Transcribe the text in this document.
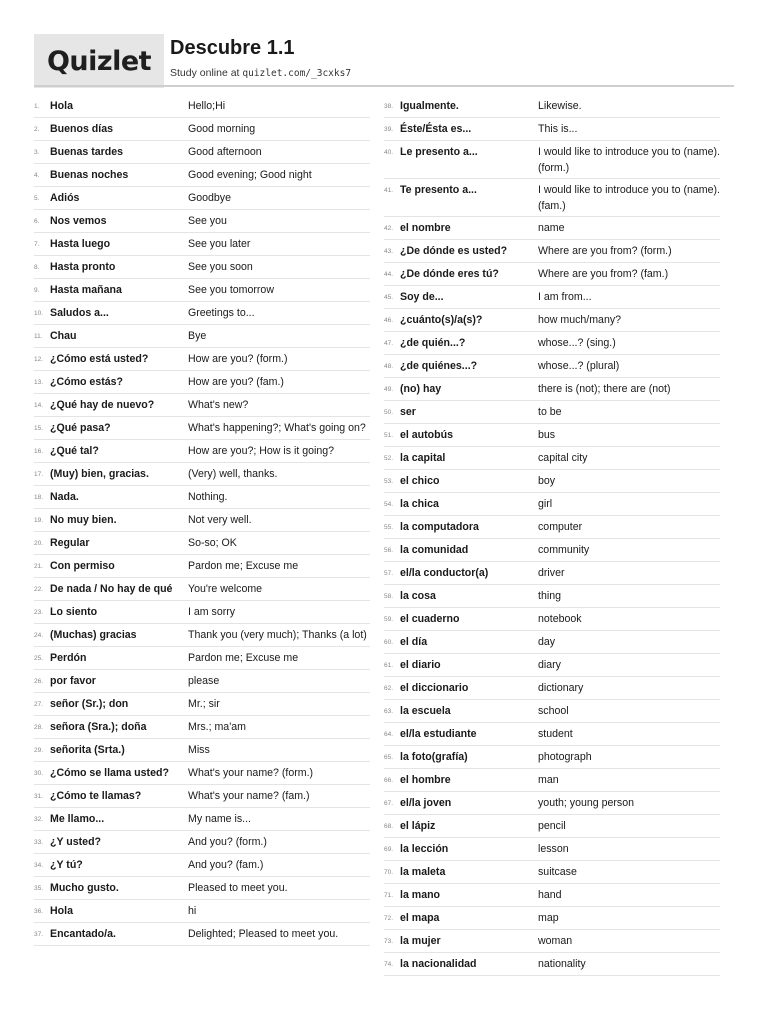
Quizlet Descubre 1.1
Study online at quizlet.com/_3cxks7
1. Hola	Hello;Hi
2. Buenos días	Good morning
3. Buenas tardes	Good afternoon
4. Buenas noches	Good evening; Good night
5. Adiós	Goodbye
6. Nos vemos	See you
7. Hasta luego	See you later
8. Hasta pronto	See you soon
9. Hasta mañana	See you tomorrow
10. Saludos a...	Greetings to...
11. Chau	Bye
12. ¿Cómo está usted?	How are you? (form.)
13. ¿Cómo estás?	How are you? (fam.)
14. ¿Qué hay de nuevo?	What's new?
15. ¿Qué pasa?	What's happening?; What's going on?
16. ¿Qué tal?	How are you?; How is it going?
17. (Muy) bien, gracias.	(Very) well, thanks.
18. Nada.	Nothing.
19. No muy bien.	Not very well.
20. Regular	So-so; OK
21. Con permiso	Pardon me; Excuse me
22. De nada / No hay de qué	You're welcome
23. Lo siento	I am sorry
24. (Muchas) gracias	Thank you (very much); Thanks (a lot)
25. Perdón	Pardon me; Excuse me
26. por favor	please
27. señor (Sr.); don	Mr.; sir
28. señora (Sra.); doña	Mrs.; ma'am
29. señorita (Srta.)	Miss
30. ¿Cómo se llama usted?	What's your name? (form.)
31. ¿Cómo te llamas?	What's your name? (fam.)
32. Me llamo...	My name is...
33. ¿Y usted?	And you? (form.)
34. ¿Y tú?	And you? (fam.)
35. Mucho gusto.	Pleased to meet you.
36. Hola	hi
37. Encantado/a.	Delighted; Pleased to meet you.
38. Igualmente.	Likewise.
39. Éste/Ésta es...	This is...
40. Le presento a...	I would like to introduce you to (name). (form.)
41. Te presento a...	I would like to introduce you to (name). (fam.)
42. el nombre	name
43. ¿De dónde es usted?	Where are you from? (form.)
44. ¿De dónde eres tú?	Where are you from? (fam.)
45. Soy de...	I am from...
46. ¿cuánto(s)/a(s)?	how much/many?
47. ¿de quién...?	whose...? (sing.)
48. ¿de quiénes...?	whose...? (plural)
49. (no) hay	there is (not); there are (not)
50. ser	to be
51. el autobús	bus
52. la capital	capital city
53. el chico	boy
54. la chica	girl
55. la computadora	computer
56. la comunidad	community
57. el/la conductor(a)	driver
58. la cosa	thing
59. el cuaderno	notebook
60. el día	day
61. el diario	diary
62. el diccionario	dictionary
63. la escuela	school
64. el/la estudiante	student
65. la foto(grafía)	photograph
66. el hombre	man
67. el/la joven	youth; young person
68. el lápiz	pencil
69. la lección	lesson
70. la maleta	suitcase
71. la mano	hand
72. el mapa	map
73. la mujer	woman
74. la nacionalidad	nationality
